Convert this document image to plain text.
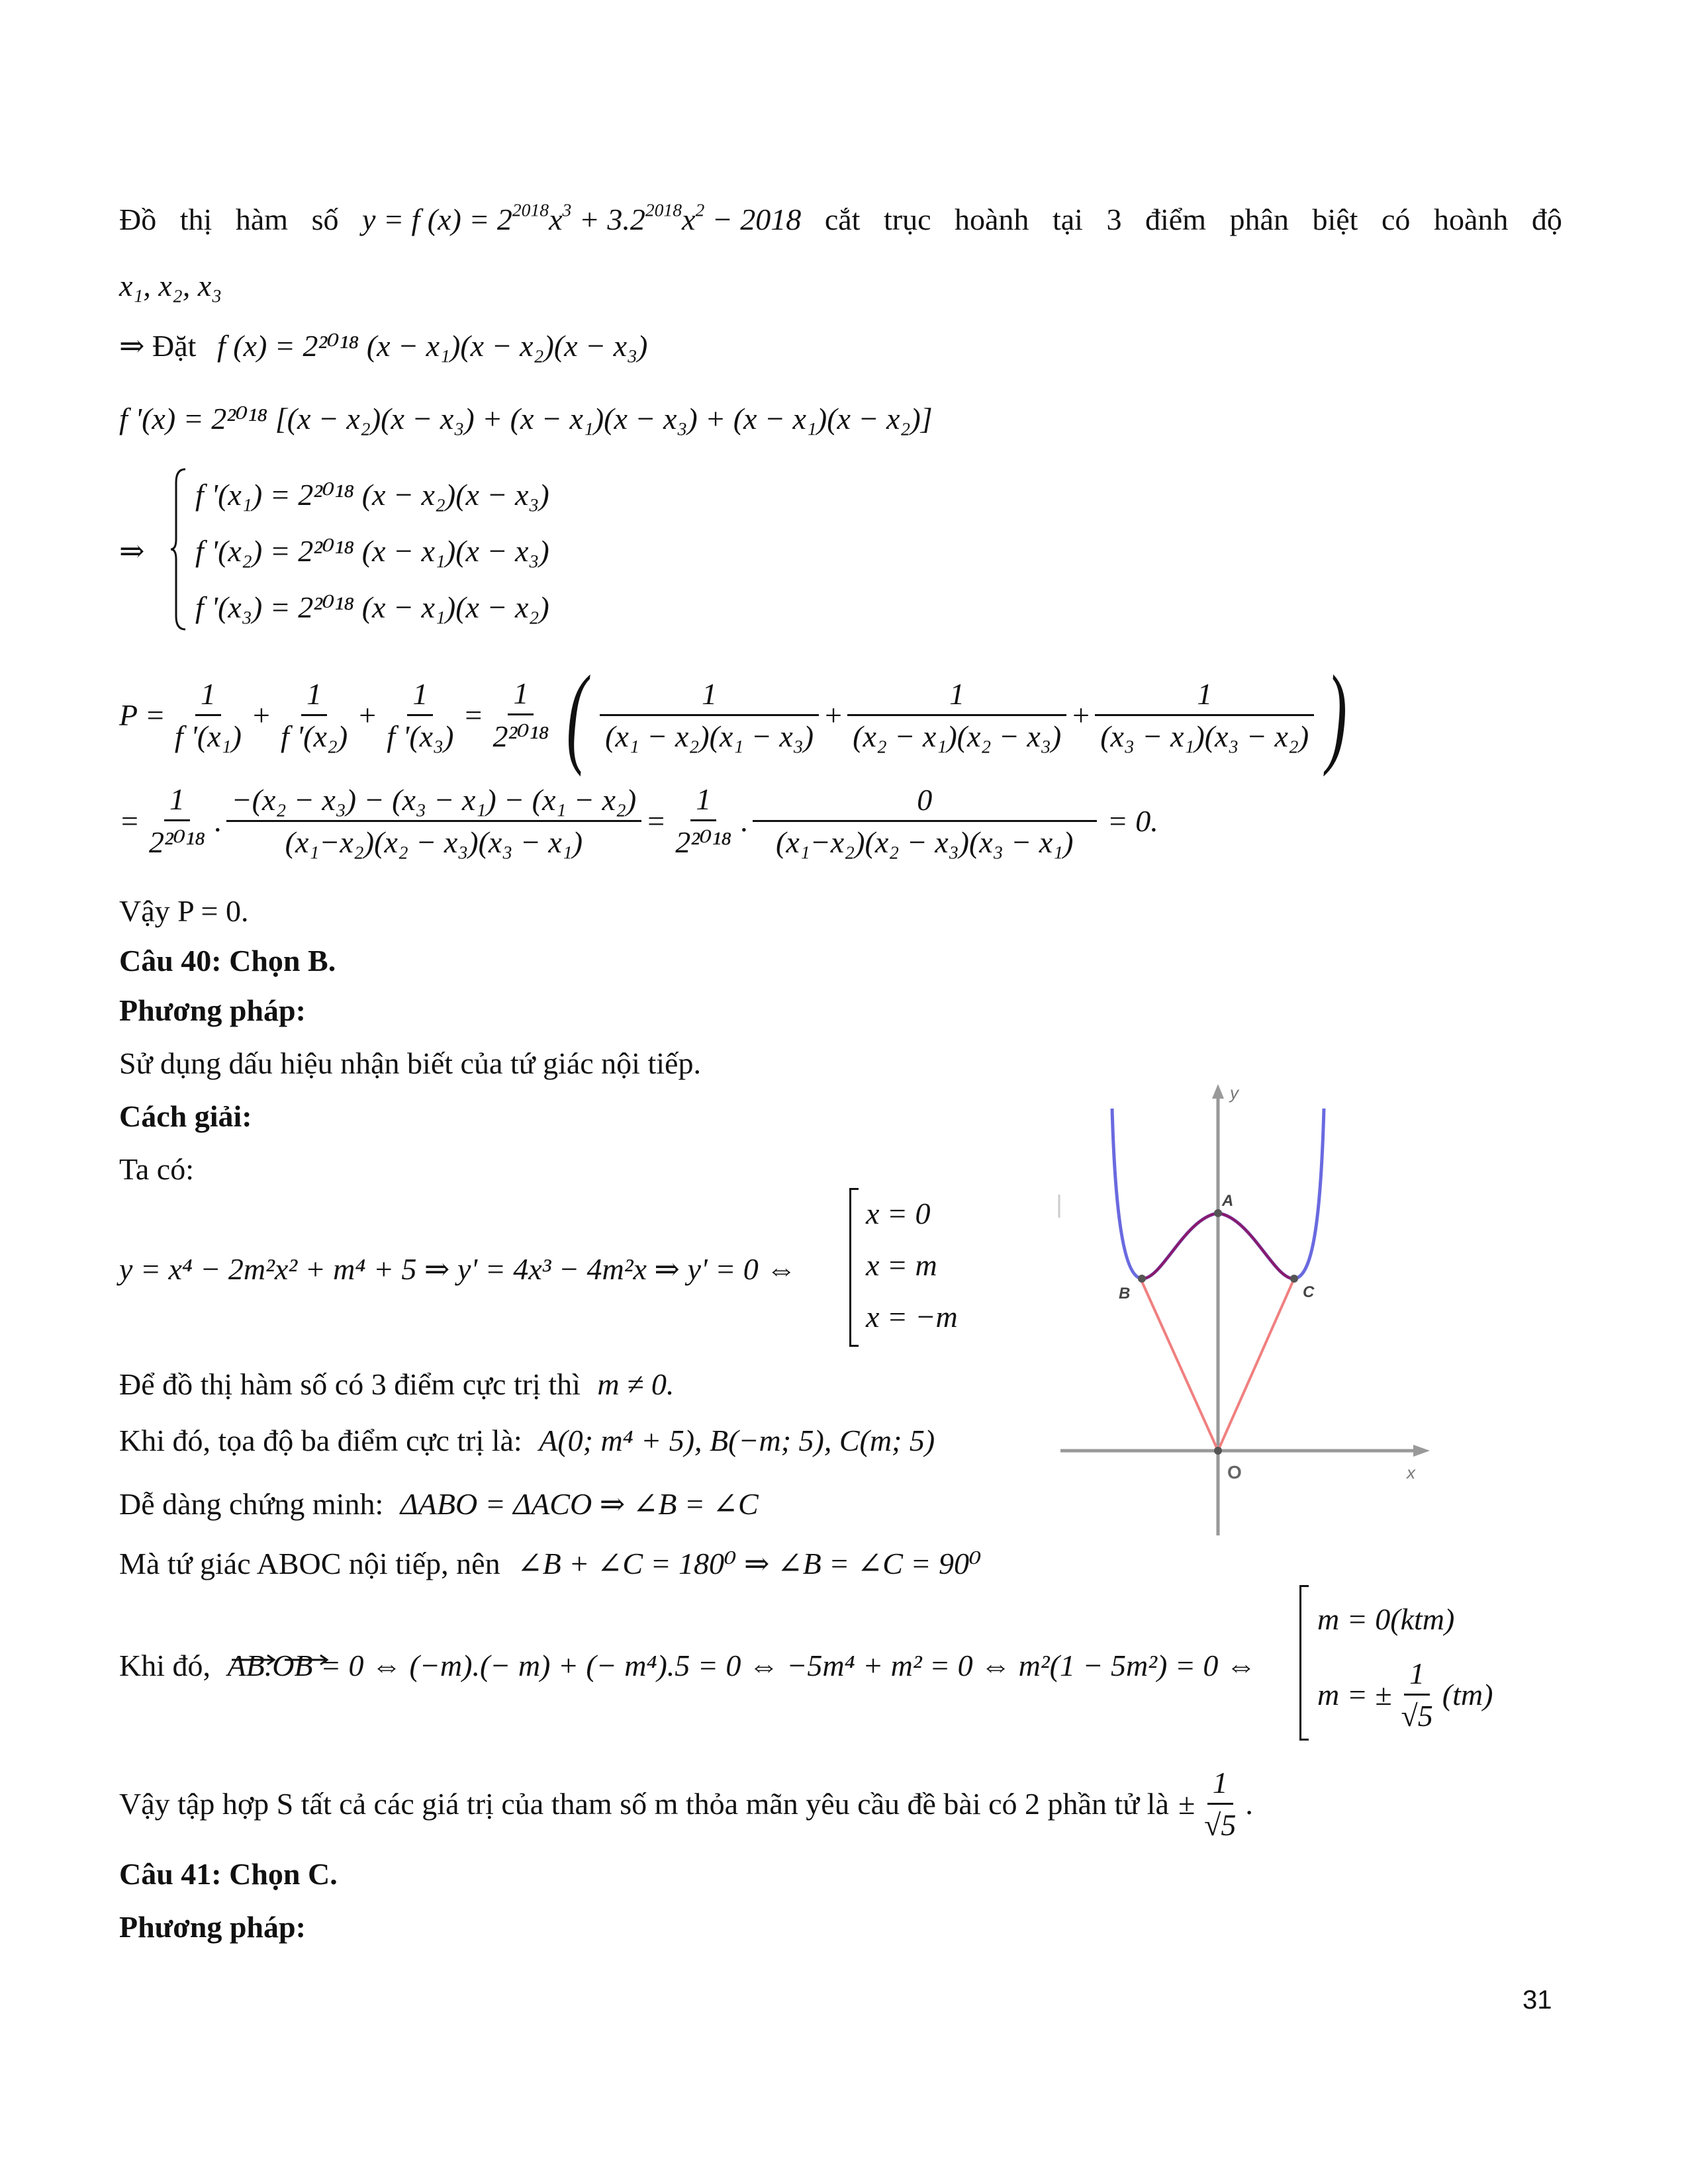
Đồ thị hàm số y = f $(x) = 2^{2018}x^3 + 3.2^{2018}x^2 - 2018$ cắt trục hoành tại 3 điểm phân biệt có hoành độ
x₁, x₂, x₃
⇒ Đặt f (x) = 2²⁰¹⁸ (x − x₁)(x − x₂)(x − x₃)
f '(x) = 2²⁰¹⁸ [(x − x₂)(x − x₃) + (x − x₁)(x − x₃) + (x − x₁)(x − x₂)]
⇒
f '(x₁) = 2²⁰¹⁸ (x − x₂)(x − x₃)
f '(x₂) = 2²⁰¹⁸ (x − x₁)(x − x₃)
f '(x₃) = 2²⁰¹⁸ (x − x₁)(x − x₂)
$P = \frac{1}{\text{f '(x₁)}} + \frac{1}{\text{f '(x₂)}} + \frac{1}{\text{f '(x₃)}} = \frac{1}{\text{2²⁰¹⁸}}$ ( $\frac{1}{\text{(x₁ − x₂)(x₁ − x₃)}} + \frac{1}{\text{(x₂ − x₁)(x₂ − x₃)}} + \frac{1}{\text{(x₃ − x₁)(x₃ − x₂)}}$ )
= $\frac{1}{\text{2²⁰¹⁸}}$ . $\frac{\text{−(x₂ − x₃) − (x₃ − x₁) − (x₁ − x₂)}}{\text{(x₁−x₂)(x₂ − x₃)(x₃ − x₁)}} = \frac{1}{\text{2²⁰¹⁸}}$ . $\frac{0}{\text{(x₁−x₂)(x₂ − x₃)(x₃ − x₁)}} = 0$.
Vậy P = 0.
Câu 40: Chọn B.
Phương pháp:
Sử dụng dấu hiệu nhận biết của tứ giác nội tiếp.
Cách giải:
Ta có:
y = x⁴ − 2m²x² + m⁴ + 5 ⇒ y' = 4x³ − 4m²x ⇒ y' = 0 ⇔
x = 0
x = m
x = −m
Để đồ thị hàm số có 3 điểm cực trị thì m ≠ 0.
Khi đó, tọa độ ba điểm cực trị là: A(0; m⁴ + 5), B(−m; 5), C(m; 5)
Dễ dàng chứng minh: ΔABO = ΔACO ⇒ ∠B = ∠C
Mà tứ giác ABOC nội tiếp, nên ∠B + ∠C = 180⁰ ⇒ ∠B = ∠C = 90⁰
Khi đó, AB.OB = 0 ⇔ (−m).(− m) + (− m⁴).5 = 0 ⇔ −5m⁴ + m² = 0 ⇔ m²(1 − 5m²) = 0 ⇔
m = 0(ktm)
m = ± $\frac{1}{√5} (tm)$
Vậy tập hợp S tất cả các giá trị của tham số m thỏa mãn yêu cầu đề bài có 2 phần tử là ± $\frac{1}{√5}$ .
Câu 41: Chọn C.
Phương pháp:
31
y
x
O
A
B	C
